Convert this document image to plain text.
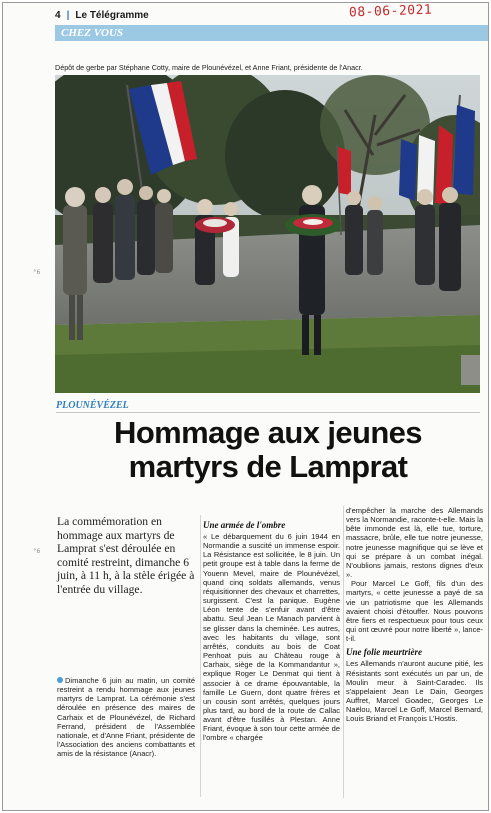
4 | Le Télégramme	08-06-2021
CHEZ VOUS
Dépôt de gerbe par Stéphane Cotty, maire de Plounévézel, et Anne Friant, présidente de l'Anacr.
°6
°6
PLOUNÉVÉZEL
Hommage aux jeunes
martyrs de Lamprat
La commémoration en hommage aux martyrs de Lamprat s'est déroulée en comité restreint, dimanche 6 juin, à 11 h, à la stèle érigée à l'entrée du village.

Dimanche 6 juin au matin, un comité restreint a rendu hommage aux jeunes martyrs de Lamprat. La cérémonie s'est déroulée en présence des maires de Carhaix et de Plounévézel, de Richard Ferrand, président de l'Assemblée nationale, et d'Anne Friant, présidente de l'Association des anciens combattants et amis de la résistance (Anacr).

Une armée de l'ombre

« Le débarquement du 6 juin 1944 en Normandie a suscité un immense espoir. La Résistance est sollicitée, le 8 juin. Un petit groupe est à table dans la ferme de Youenn Mevel, maire de Plounévézel, quand cinq soldats allemands, venus réquisitionner des chevaux et charrettes, surgissent. C'est la panique. Eugène Léon tente de s'enfuir avant d'être abattu. Seul Jean Le Manach parvient à se glisser dans la cheminée. Les autres, avec les habitants du village, sont arrêtés, conduits au bois de Coat Penhoat puis au Château rouge à Carhaix, siège de la Kommandantur », explique Roger Le Denmat qui tient à associer à ce drame épouvantable, la famille Le Guern, dont quatre frères et un cousin sont arrêtés, quelques jours plus tard, au bord de la route de Callac avant d'être fusillés à Plestan. Anne Friant, évoque à son tour cette armée de l'ombre « chargée

d'empêcher la marche des Allemands vers la Normandie, raconte-t-elle. Mais la bête immonde est là, elle tue, torture, massacre, brûle, elle tue notre jeunesse, notre jeunesse magnifique qui se lève et qui se prépare à un combat inégal. N'oublions jamais, restons dignes d'eux ».

Pour Marcel Le Goff, fils d'un des martyrs, « cette jeunesse a payé de sa vie un patriotisme que les Allemands avaient choisi d'étouffer. Nous pouvons être fiers et respectueux pour tous ceux qui ont œuvré pour notre liberté », lance-t-il.

Une folie meurtrière

Les Allemands n'auront aucune pitié, les Résistants sont exécutés un par un, de Moulin meur à Saint-Caradec. Ils s'appelaient Jean Le Dain, Georges Auffret, Marcel Goadec, Georges Le Naëlou, Marcel Le Goff, Marcel Bernard, Louis Briand et François L'Hostis.
